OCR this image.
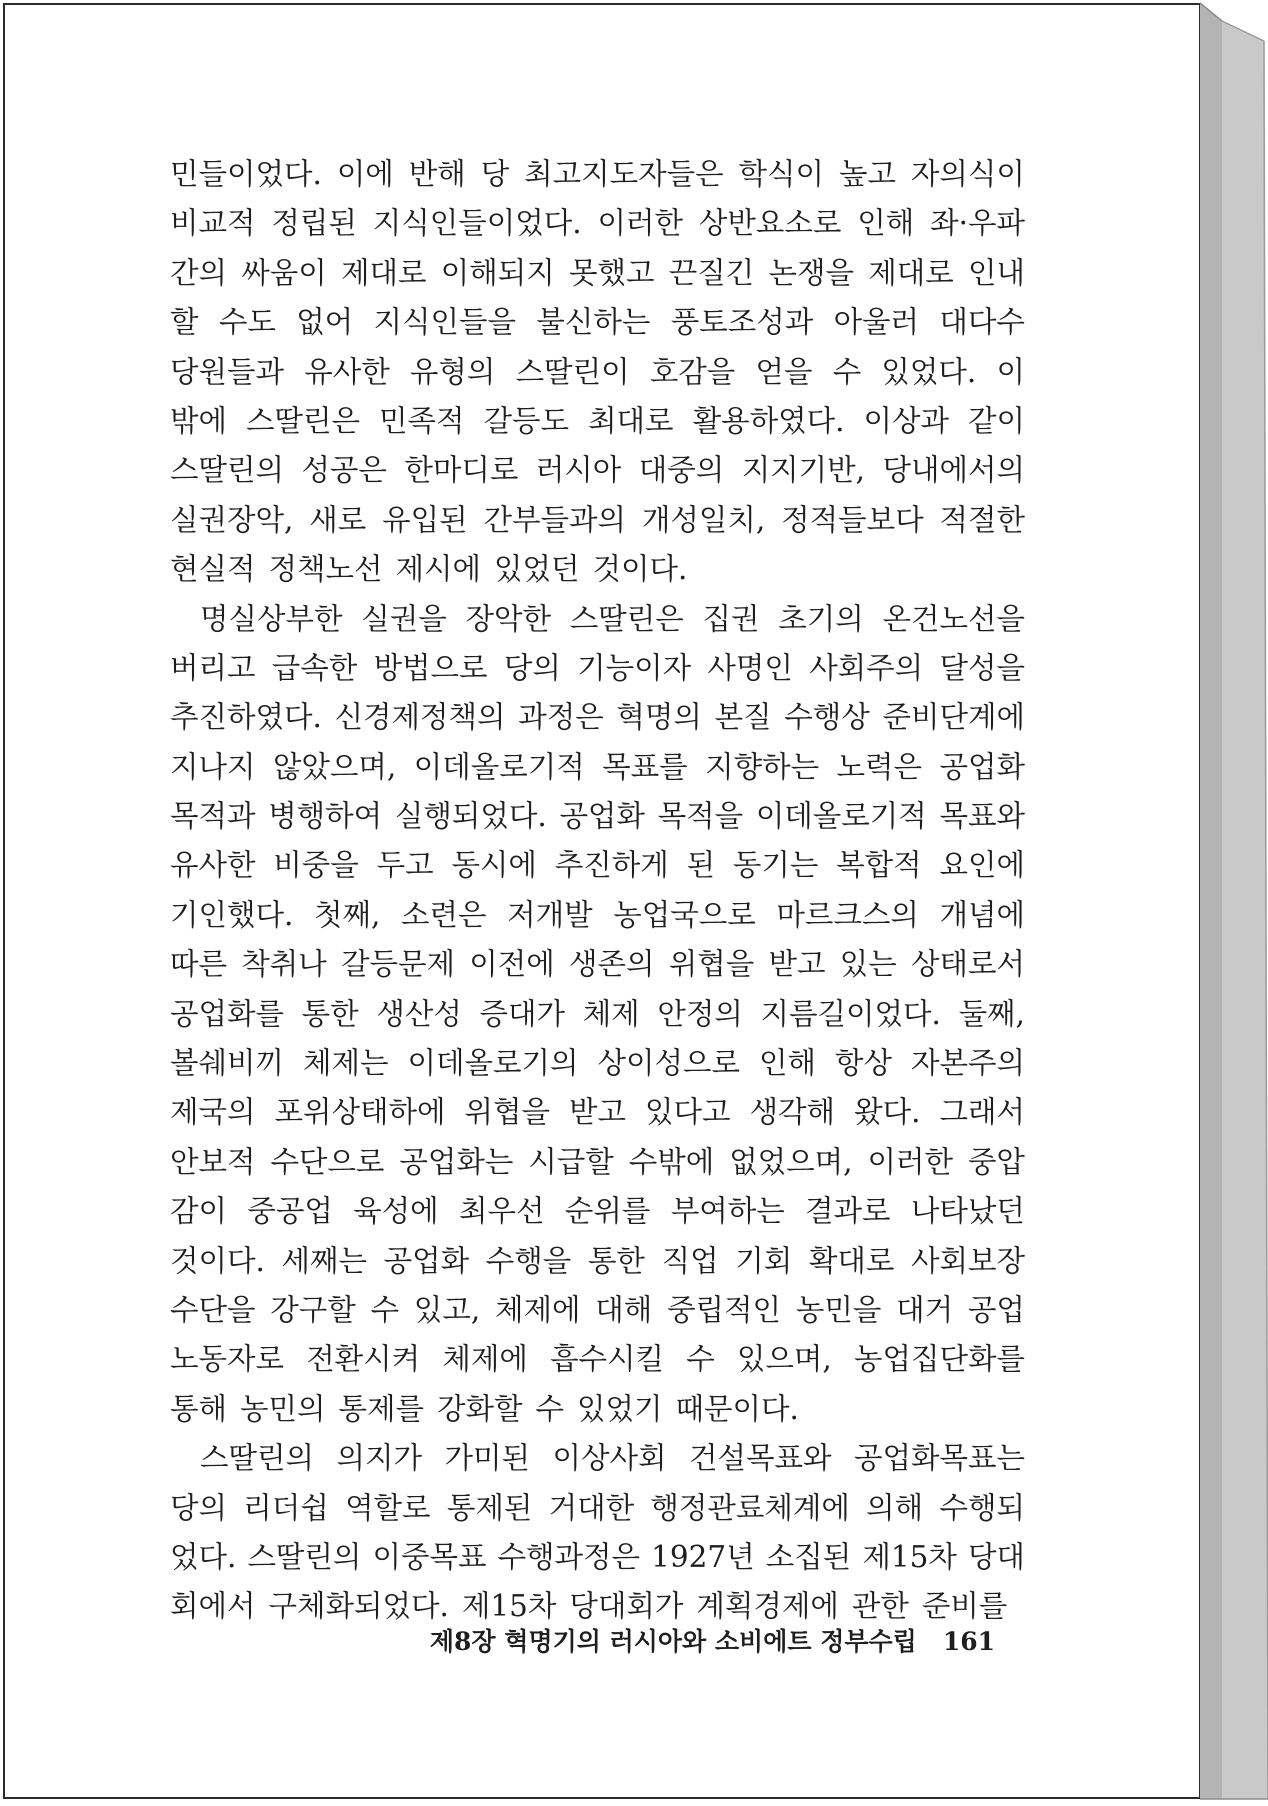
민들이었다. 이에 반해 당 최고지도자들은 학식이 높고 자의식이
비교적 정립된 지식인들이었다. 이러한 상반요소로 인해 좌·우파
간의 싸움이 제대로 이해되지 못했고 끈질긴 논쟁을 제대로 인내
할 수도 없어 지식인들을 불신하는 풍토조성과 아울러 대다수
당원들과 유사한 유형의 스딸린이 호감을 얻을 수 있었다. 이
밖에 스딸린은 민족적 갈등도 최대로 활용하였다. 이상과 같이
스딸린의 성공은 한마디로 러시아 대중의 지지기반, 당내에서의
실권장악, 새로 유입된 간부들과의 개성일치, 정적들보다 적절한
현실적 정책노선 제시에 있었던 것이다.
명실상부한 실권을 장악한 스딸린은 집권 초기의 온건노선을
버리고 급속한 방법으로 당의 기능이자 사명인 사회주의 달성을
추진하였다. 신경제정책의 과정은 혁명의 본질 수행상 준비단계에
지나지 않았으며, 이데올로기적 목표를 지향하는 노력은 공업화
목적과 병행하여 실행되었다. 공업화 목적을 이데올로기적 목표와
유사한 비중을 두고 동시에 추진하게 된 동기는 복합적 요인에
기인했다. 첫째, 소련은 저개발 농업국으로 마르크스의 개념에
따른 착취나 갈등문제 이전에 생존의 위협을 받고 있는 상태로서
공업화를 통한 생산성 증대가 체제 안정의 지름길이었다. 둘째,
볼쉐비끼 체제는 이데올로기의 상이성으로 인해 항상 자본주의
제국의 포위상태하에 위협을 받고 있다고 생각해 왔다. 그래서
안보적 수단으로 공업화는 시급할 수밖에 없었으며, 이러한 중압
감이 중공업 육성에 최우선 순위를 부여하는 결과로 나타났던
것이다. 세째는 공업화 수행을 통한 직업 기회 확대로 사회보장
수단을 강구할 수 있고, 체제에 대해 중립적인 농민을 대거 공업
노동자로 전환시켜 체제에 흡수시킬 수 있으며, 농업집단화를
통해 농민의 통제를 강화할 수 있었기 때문이다.
스딸린의 의지가 가미된 이상사회 건설목표와 공업화목표는
당의 리더쉽 역할로 통제된 거대한 행정관료체계에 의해 수행되
었다. 스딸린의 이중목표 수행과정은 1927년 소집된 제15차 당대
회에서 구체화되었다. 제15차 당대회가 계획경제에 관한 준비를
제8장 혁명기의 러시아와 소비에트 정부수립 161
